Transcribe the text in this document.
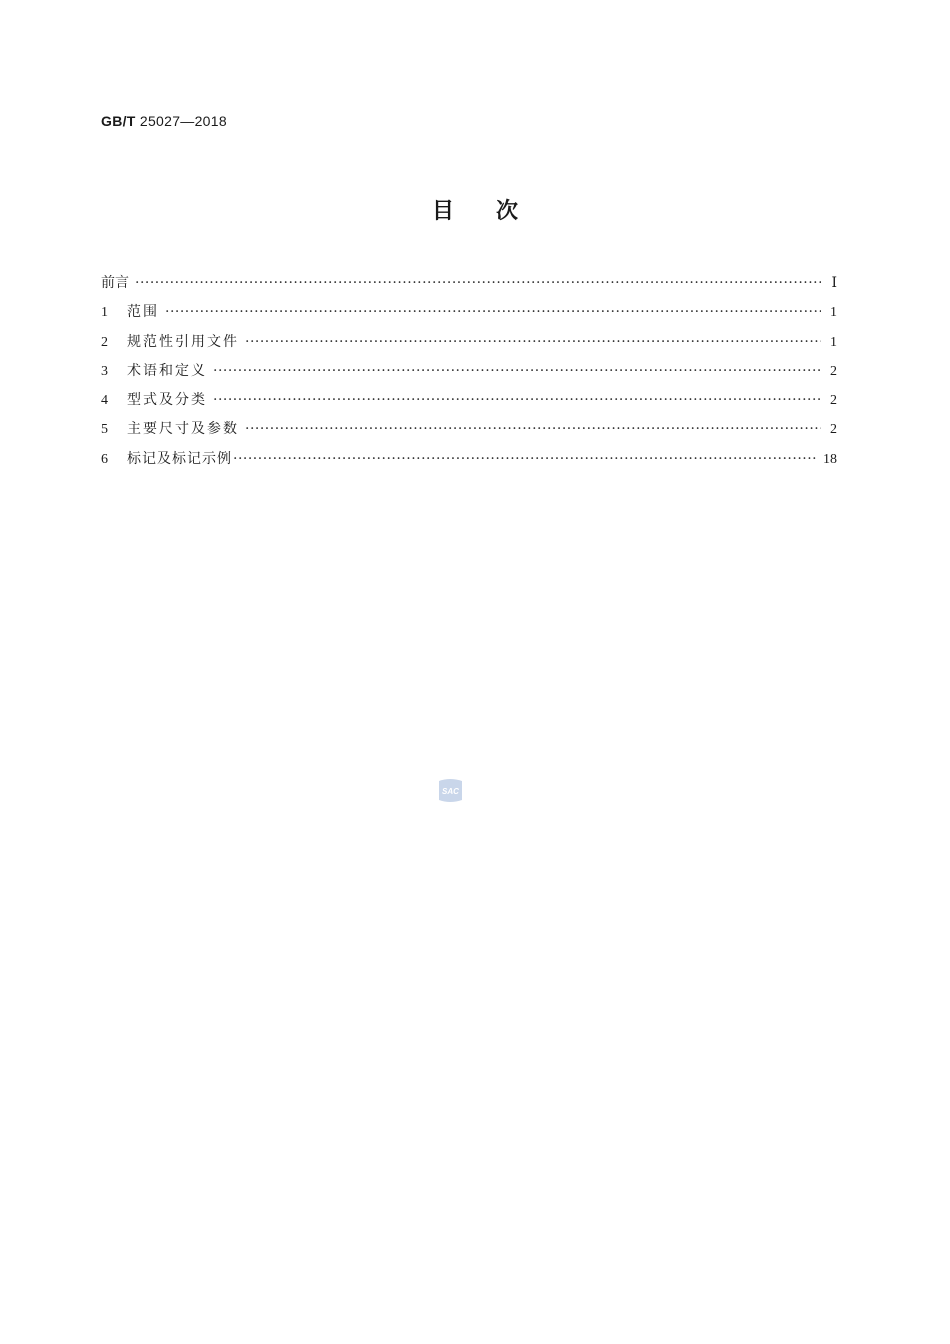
GB/T 25027—2018
目次
前言 ·····	Ⅰ
1	范围 ·····	1
2	规范性引用文件 ·····	1
3	术语和定义 ·····	2
4	型式及分类 ·····	2
5	主要尺寸及参数 ·····	2
6	标记及标记示例 ·····	18
SAC
